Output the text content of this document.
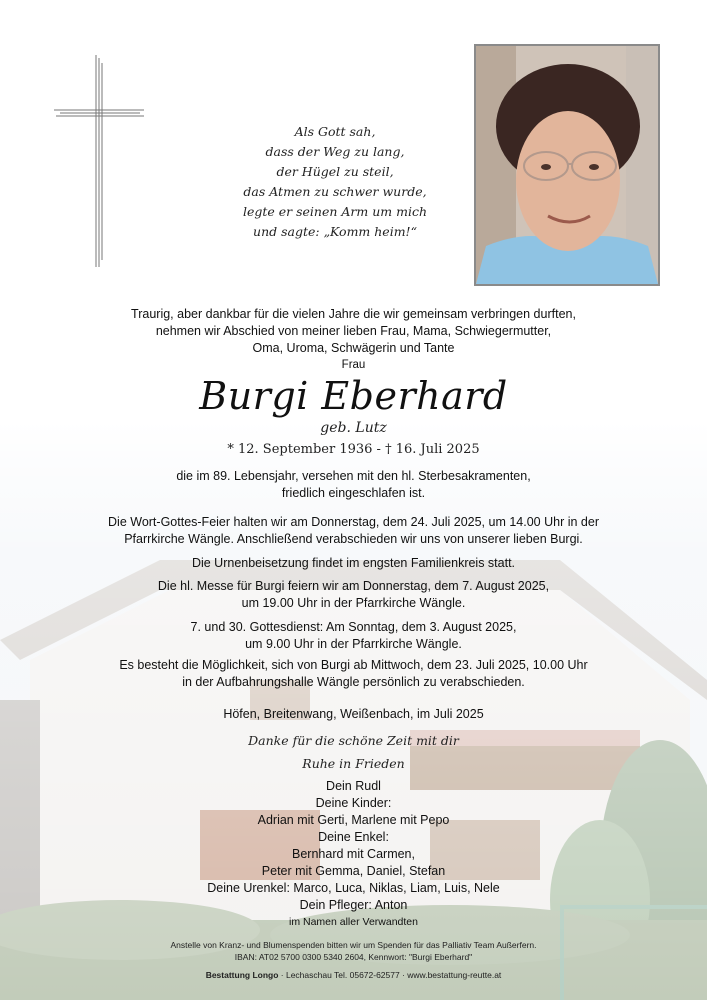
Als Gott sah,
dass der Weg zu lang,
der Hügel zu steil,
das Atmen zu schwer wurde,
legte er seinen Arm um mich
und sagte: „Komm heim!“
Traurig, aber dankbar für die vielen Jahre die wir gemeinsam verbringen durften,
nehmen wir Abschied von meiner lieben Frau, Mama, Schwiegermutter,
Oma, Uroma, Schwägerin und Tante
Frau
Burgi Eberhard
geb. Lutz
* 12. September 1936 - † 16. Juli 2025
die im 89. Lebensjahr, versehen mit den hl. Sterbesakramenten,
friedlich eingeschlafen ist.
Die Wort-Gottes-Feier halten wir am Donnerstag, dem 24. Juli 2025, um 14.00 Uhr in der
Pfarrkirche Wängle. Anschließend verabschieden wir uns von unserer lieben Burgi.
Die Urnenbeisetzung findet im engsten Familienkreis statt.
Die hl. Messe für Burgi feiern wir am Donnerstag, dem 7. August 2025,
um 19.00 Uhr in der Pfarrkirche Wängle.
7. und 30. Gottesdienst: Am Sonntag, dem 3. August 2025,
um 9.00 Uhr in der Pfarrkirche Wängle.
Es besteht die Möglichkeit, sich von Burgi ab Mittwoch, dem 23. Juli 2025, 10.00 Uhr
in der Aufbahrungshalle Wängle persönlich zu verabschieden.
Höfen, Breitenwang, Weißenbach, im Juli 2025
Danke für die schöne Zeit mit dir
Ruhe in Frieden
Dein Rudl
Deine Kinder:
Adrian mit Gerti, Marlene mit Pepo
Deine Enkel:
Bernhard mit Carmen,
Peter mit Gemma, Daniel, Stefan
Deine Urenkel: Marco, Luca, Niklas, Liam, Luis, Nele
Dein Pfleger: Anton
im Namen aller Verwandten
Anstelle von Kranz- und Blumenspenden bitten wir um Spenden für das Palliativ Team Außerfern.
IBAN: AT02 5700 0300 5340 2604, Kennwort: "Burgi Eberhard"
Bestattung Longo · Lechaschau Tel. 05672-62577 · www.bestattung-reutte.at
